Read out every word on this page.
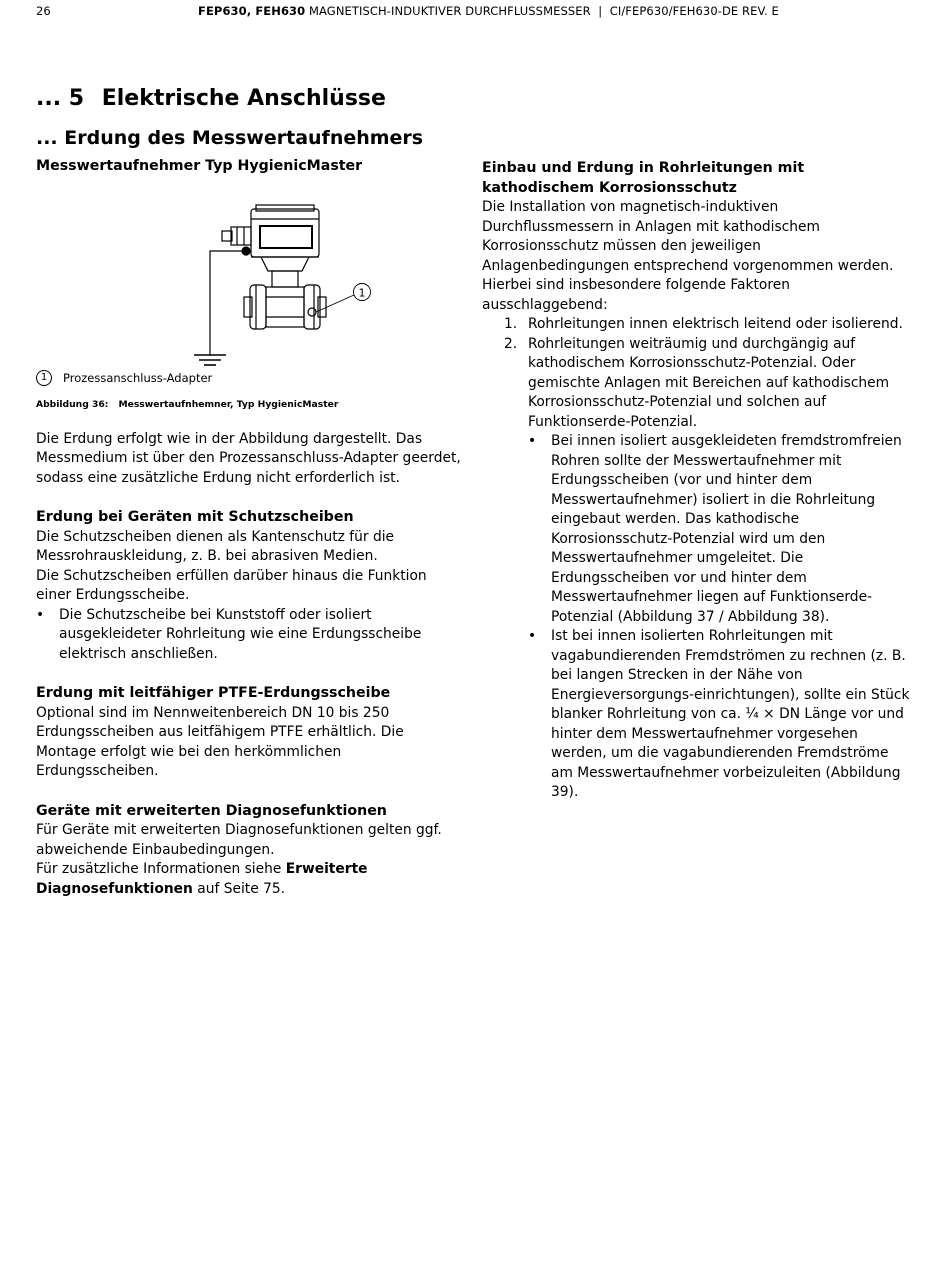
26	FEP630, FEH630 MAGNETISCH-INDUKTIVER DURCHFLUSSMESSER  |  CI/FEP630/FEH630-DE REV. E
... 5 Elektrische Anschlüsse
... Erdung des Messwertaufnehmers
Messwertaufnehmer Typ HygienicMaster
1
1	Prozessanschluss-Adapter
Abbildung 36: Messwertaufnhemner, Typ HygienicMaster
Die Erdung erfolgt wie in der Abbildung dargestellt. Das Messmedium ist über den Prozessanschluss-Adapter geerdet, sodass eine zusätzliche Erdung nicht erforderlich ist.
Erdung bei Geräten mit Schutzscheiben
Die Schutzscheiben dienen als Kantenschutz für die Messrohrauskleidung, z. B. bei abrasiven Medien.
Die Schutzscheiben erfüllen darüber hinaus die Funktion einer Erdungsscheibe.
•	Die Schutzscheibe bei Kunststoff oder isoliert ausgekleideter Rohrleitung wie eine Erdungsscheibe elektrisch anschließen.
Erdung mit leitfähiger PTFE-Erdungsscheibe
Optional sind im Nennweitenbereich DN 10 bis 250 Erdungsscheiben aus leitfähigem PTFE erhältlich. Die Montage erfolgt wie bei den herkömmlichen Erdungsscheiben.
Geräte mit erweiterten Diagnosefunktionen
Für Geräte mit erweiterten Diagnosefunktionen gelten ggf. abweichende Einbaubedingungen.
Für zusätzliche Informationen siehe Erweiterte Diagnosefunktionen auf Seite 75.
Einbau und Erdung in Rohrleitungen mit kathodischem Korrosionsschutz
Die Installation von magnetisch-induktiven Durchflussmessern in Anlagen mit kathodischem Korrosionsschutz müssen den jeweiligen Anlagenbedingungen entsprechend vorgenommen werden. Hierbei sind insbesondere folgende Faktoren ausschlaggebend:
1. Rohrleitungen innen elektrisch leitend oder isolierend.
2. Rohrleitungen weiträumig und durchgängig auf kathodischem Korrosionsschutz-Potenzial. Oder gemischte Anlagen mit Bereichen auf kathodischem Korrosionsschutz-Potenzial und solchen auf Funktionserde-Potenzial.
•	Bei innen isoliert ausgekleideten fremdstromfreien Rohren sollte der Messwertaufnehmer mit Erdungsscheiben (vor und hinter dem Messwertaufnehmer) isoliert in die Rohrleitung eingebaut werden. Das kathodische Korrosionsschutz-Potenzial wird um den Messwertaufnehmer umgeleitet. Die Erdungsscheiben vor und hinter dem Messwertaufnehmer liegen auf Funktionserde-Potenzial (Abbildung 37 / Abbildung 38).
•	Ist bei innen isolierten Rohrleitungen mit vagabundierenden Fremdströmen zu rechnen (z. B. bei langen Strecken in der Nähe von Energieversorgungs-einrichtungen), sollte ein Stück blanker Rohrleitung von ca. ¼ × DN Länge vor und hinter dem Messwertaufnehmer vorgesehen werden, um die vagabundierenden Fremdströme am Messwertaufnehmer vorbeizuleiten (Abbildung 39).
